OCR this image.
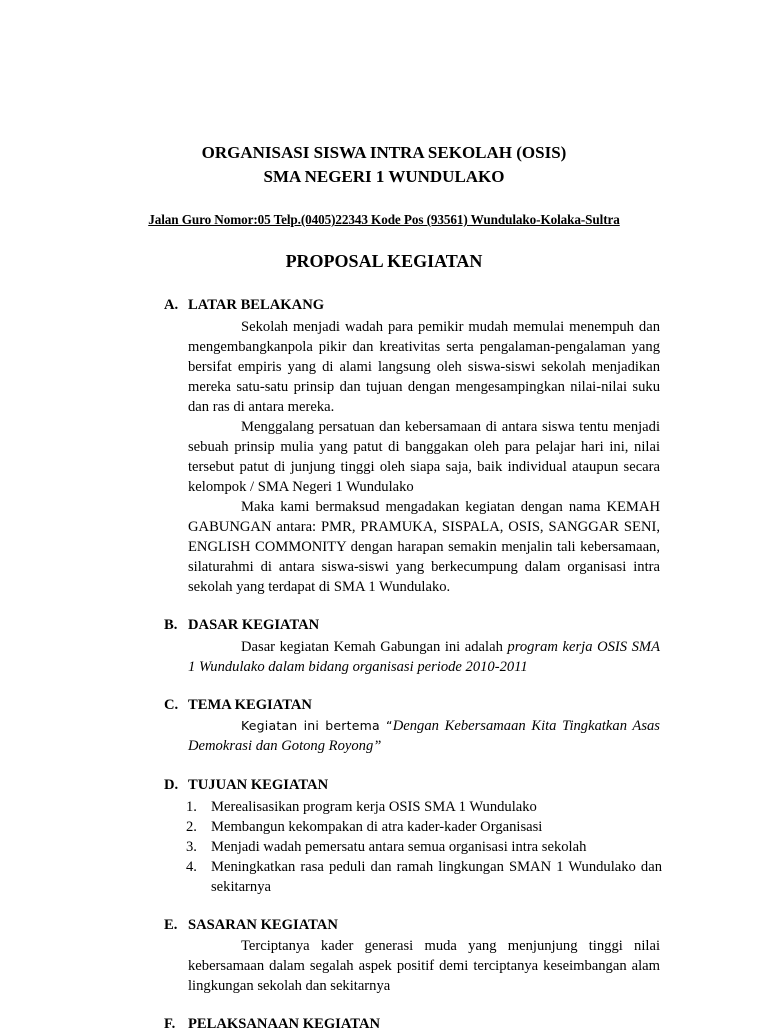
ORGANISASI SISWA INTRA SEKOLAH (OSIS)
SMA NEGERI 1 WUNDULAKO
Jalan Guro Nomor:05 Telp.(0405)22343 Kode Pos (93561) Wundulako-Kolaka-Sultra
PROPOSAL KEGIATAN
A. LATAR BELAKANG

Sekolah menjadi wadah para pemikir mudah memulai menempuh dan mengembangkanpola pikir dan kreativitas serta pengalaman-pengalaman yang bersifat empiris yang di alami langsung oleh siswa-siswi sekolah menjadikan mereka satu-satu prinsip dan tujuan dengan mengesampingkan nilai-nilai suku dan ras di antara mereka.

Menggalang persatuan dan kebersamaan di antara siswa tentu menjadi sebuah prinsip mulia yang patut di banggakan oleh para pelajar hari ini, nilai tersebut patut di junjung tinggi oleh siapa saja, baik individual ataupun secara kelompok / SMA Negeri 1 Wundulako

Maka kami bermaksud mengadakan kegiatan dengan nama KEMAH GABUNGAN antara: PMR, PRAMUKA, SISPALA, OSIS, SANGGAR SENI, ENGLISH COMMONITY dengan harapan semakin menjalin tali kebersamaan, silaturahmi di antara siswa-siswi yang berkecumpung dalam organisasi intra sekolah yang terdapat di SMA 1 Wundulako.

B. DASAR KEGIATAN

Dasar kegiatan Kemah Gabungan ini adalah program kerja OSIS SMA 1 Wundulako dalam bidang organisasi periode 2010-2011

C. TEMA KEGIATAN

Kegiatan ini bertema “Dengan Kebersamaan Kita Tingkatkan Asas Demokrasi dan Gotong Royong”

D. TUJUAN KEGIATAN
1. Merealisasikan program kerja OSIS SMA 1 Wundulako
2. Membangun kekompakan di atra kader-kader Organisasi
3. Menjadi wadah pemersatu antara semua organisasi intra sekolah
4. Meningkatkan rasa peduli dan ramah lingkungan SMAN 1 Wundulako dan sekitarnya
E. SASARAN KEGIATAN

Terciptanya kader generasi muda yang menjunjung tinggi nilai kebersamaan dalam segalah aspek positif demi terciptanya keseimbangan alam lingkungan sekolah dan sekitarnya

F. PELAKSANAAN KEGIATAN
